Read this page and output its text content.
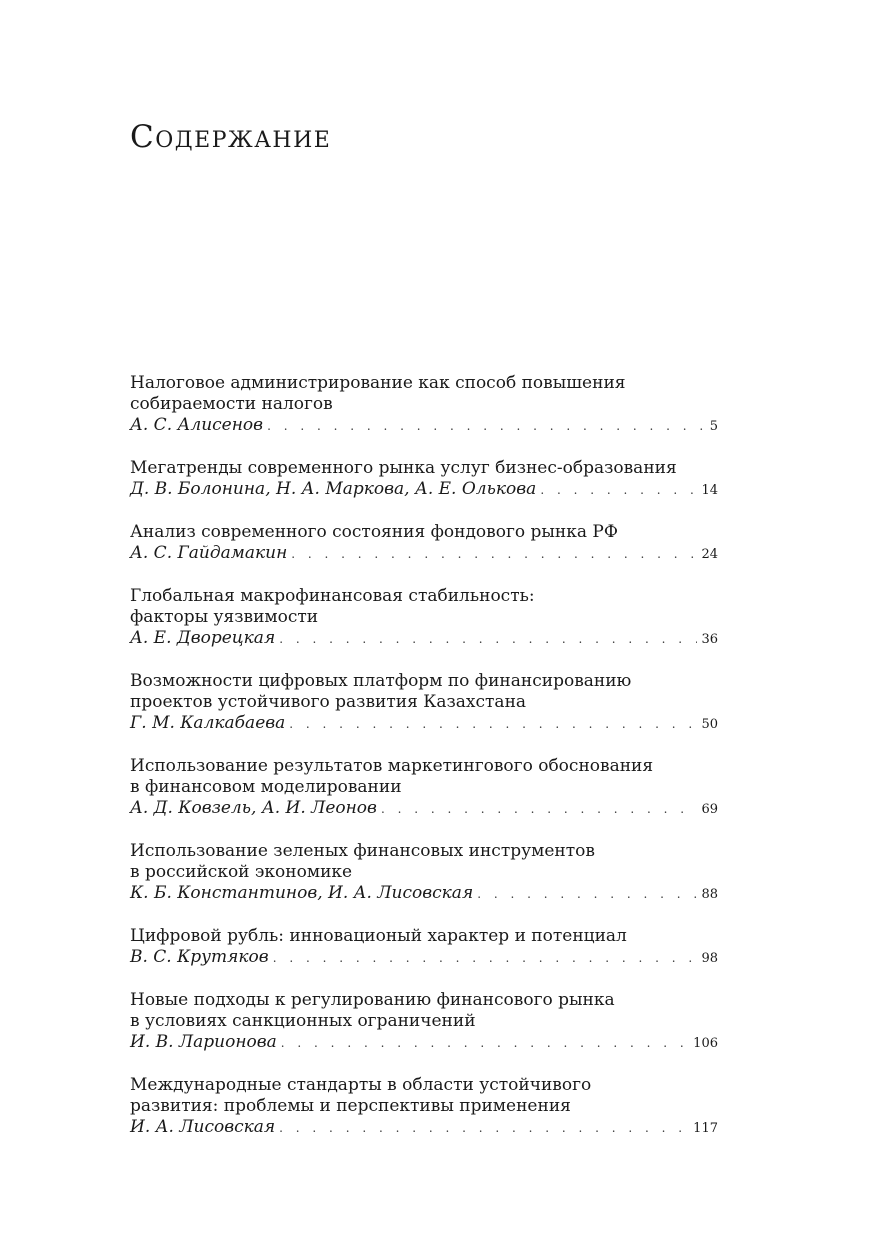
Содержание
Налоговое администрирование как способ повышения
собираемости налогов
А. С. Алисенов . . .	5
Мегатренды современного рынка услуг бизнес-образования
Д. В. Болонина, Н. А. Маркова, А. Е. Олькова . . .	14
Анализ современного состояния фондового рынка РФ
А. С. Гайдамакин . . .	24
Глобальная макрофинансовая стабильность:
факторы уязвимости
А. Е. Дворецкая . . .	36
Возможности цифровых платформ по финансированию
проектов устойчивого развития Казахстана
Г. М. Калкабаева . . .	50
Использование результатов маркетингового обоснования
в финансовом моделировании
А. Д. Ковзель, А. И. Леонов . . .	69
Использование зеленых финансовых инструментов
в российской экономике
К. Б. Константинов, И. А. Лисовская . . .	88
Цифровой рубль: инновационый характер и потенциал
В. С. Крутяков . . .	98
Новые подходы к регулированию финансового рынка
в условиях санкционных ограничений
И. В. Ларионова . . .	106
Международные стандарты в области устойчивого
развития: проблемы и перспективы применения
И. А. Лисовская . . .	117
